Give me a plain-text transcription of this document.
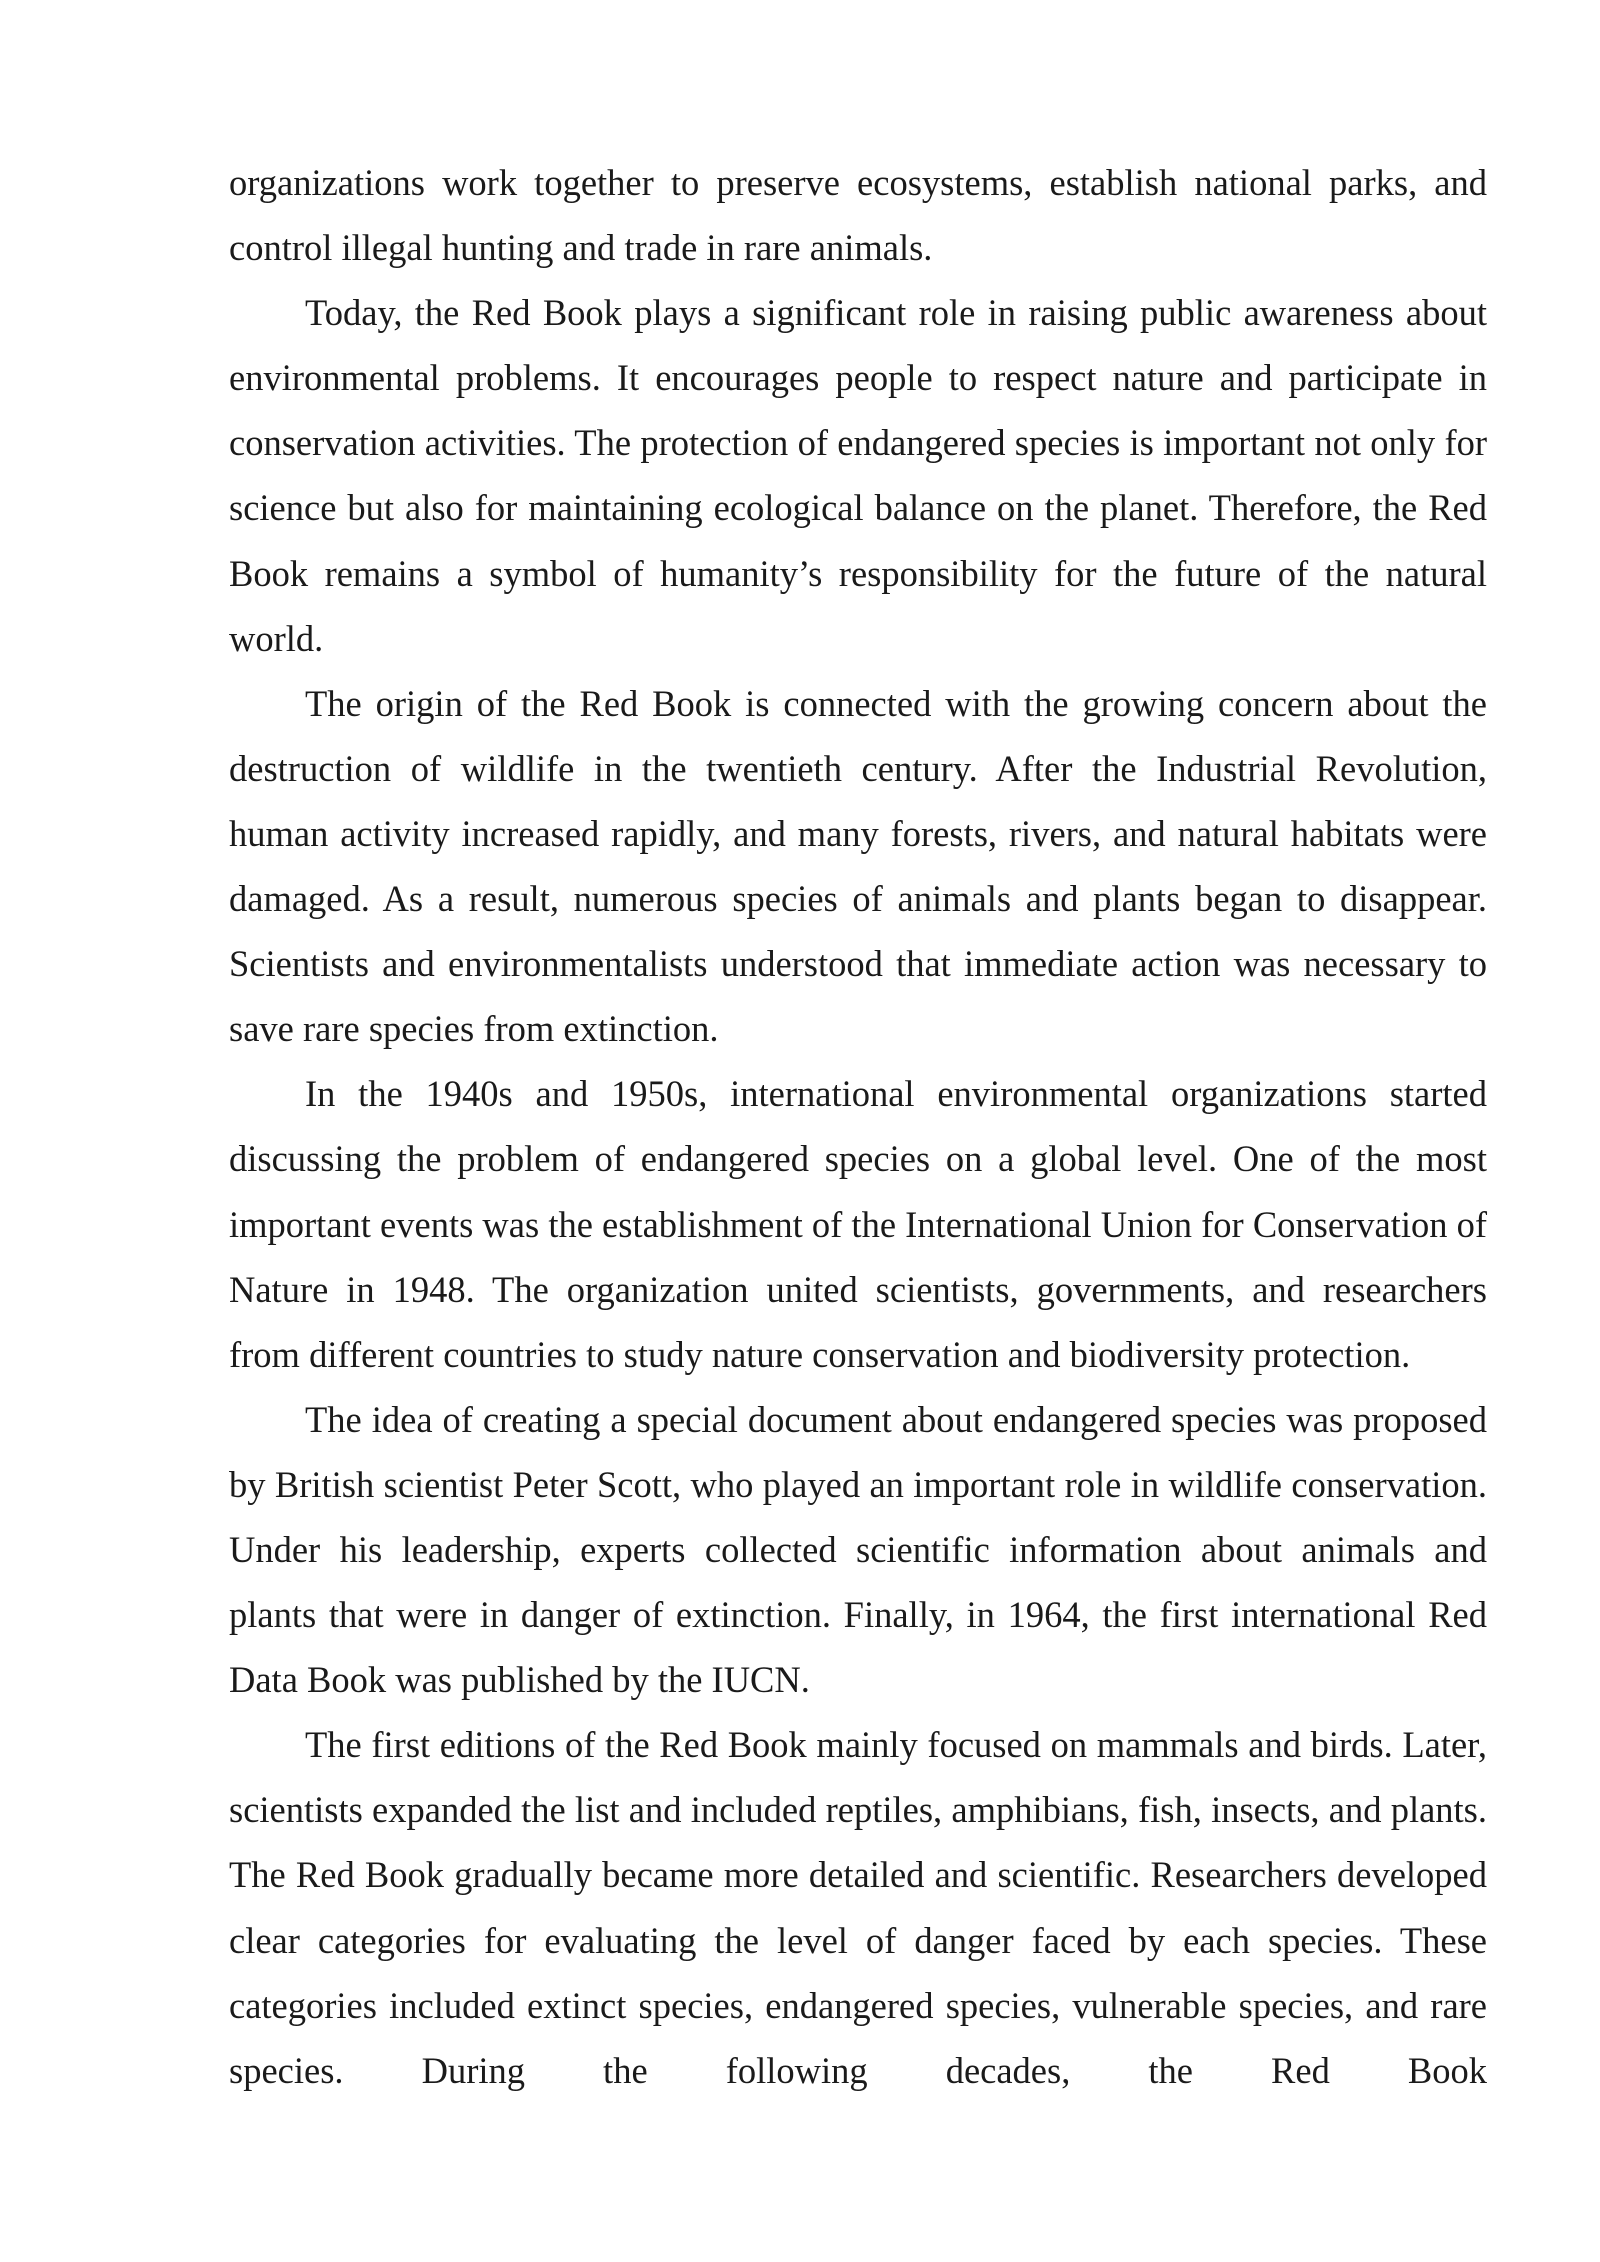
organizations work together to preserve ecosystems, establish national parks, and control illegal hunting and trade in rare animals.

Today, the Red Book plays a significant role in raising public awareness about environmental problems. It encourages people to respect nature and participate in conservation activities. The protection of endangered species is important not only for science but also for maintaining ecological balance on the planet. Therefore, the Red Book remains a symbol of humanity’s responsibility for the future of the natural world.

The origin of the Red Book is connected with the growing concern about the destruction of wildlife in the twentieth century. After the Industrial Revolution, human activity increased rapidly, and many forests, rivers, and natural habitats were damaged. As a result, numerous species of animals and plants began to disappear. Scientists and environmentalists understood that immediate action was necessary to save rare species from extinction.

In the 1940s and 1950s, international environmental organizations started discussing the problem of endangered species on a global level. One of the most important events was the establishment of the International Union for Conservation of Nature in 1948. The organization united scientists, governments, and researchers from different countries to study nature conservation and biodiversity protection.

The idea of creating a special document about endangered species was proposed by British scientist Peter Scott, who played an important role in wildlife conservation. Under his leadership, experts collected scientific information about animals and plants that were in danger of extinction. Finally, in 1964, the first international Red Data Book was published by the IUCN.

The first editions of the Red Book mainly focused on mammals and birds. Later, scientists expanded the list and included reptiles, amphibians, fish, insects, and plants. The Red Book gradually became more detailed and scientific. Researchers developed clear categories for evaluating the level of danger faced by each species. These categories included extinct species, endangered species, vulnerable species, and rare species. During the following decades, the Red Book
